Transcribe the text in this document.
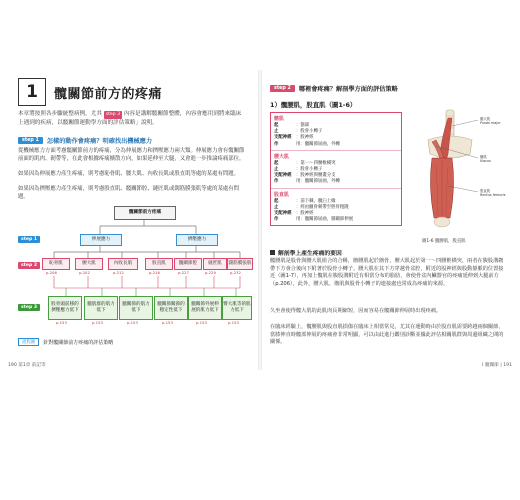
1	髖關節前方的疼痛
本章將按照各步驟統整病例，尤其 step 3 內容是講解髖關節整體，內容會應用到將來臨床上遇到的疾病，以髖關節運動學方面的評估策略」說明。
step 1	怎樣的動作會疼痛？明確找出機械應力
從機械應力方面考慮髖關節前方的疼痛，分為伸展應力和擠壓應力兩大類。伸展應力會有髖關節前面的肌肉、韌帶等，在此會根據疼痛擴散方向，如果延伸至大腿，又會進一步推論疼痛部位。
如果因為伸展應力產生疼痛，則考慮恥骨肌、腰大肌、內收長肌或股直肌等處的某處有問題。
如果因為擠壓應力產生疼痛，則考慮股直肌、髖關節腔、縫匠肌或闊筋膜張肌等處的某處有問題。
髖關節前方疼痛
step 1	伸展應力	擠壓應力
step 2	恥骨肌	腰大肌	內收長肌	股直肌	髖關節腔	縫匠肌	闊筋膜張肌
p.206	p.202	p.212	p.216	p.227	p.229	p.232
step 3
股骨頭前移的擠壓應力低下
髖肌群的肌力低下
髖關節的肌力低下
髖關節關節的穩定性低下
髖關節外展伸展的肌力低下
臀大肌等的肌力低下
p.153	p.153	p.153	p.153	p.153	p.153
流程圖	針對髖關節前方疼痛的評估策略
190 第1章 前記等
step 2	哪裡會疼痛？解剖學方面的評估策略
1）髖腰肌，股直肌（圖1-6）
髂肌
起	：髂窩
止	：股骨小轉子
支配神經	：股神經
作	用：髖關節屈曲，外轉
腰大肌
起	：第一～四腰椎橫突
止	：股骨小轉子
支配神經	：股神經與腰叢分支
作	用：髖關節屈曲，外轉
股直肌
起	：前下棘，髖臼上緣
止	：經由髕骨韌帶至脛骨粗隆
支配神經	：股神經
作	用：髖關節屈曲，膝關節伸展
腰大肌
Psoas major
髂肌
Iliacus
股直肌
Rectus femoris
圖1-6 髖腰肌，股直肌
解剖學上產生疼痛的要因
髖腰肌是股骨與腰大肌組合的合稱，髂腰肌起於髂骨，腰大肌起於第一～四腰椎橫突，兩者在腹股溝韌帶下方會合後向下附著於股骨小轉子。腰大肌在其下方穿越骨盆腔，附近的股神經與股動靜脈的位置接近（圖1-7），再加上髖肌在腹股溝附近有相當分布的脂肪，會使骨盆內臟器官的疼痛延伸到大腿前方（p.206），此外，腰大肌、髂肌與股骨小轉子的連接處也常成為疼痛的來源。
久坐會使得髖大肌的此肌肉長期縮短，因而容易在髖關節伸展時出現疼痛。
在臨床經驗上，髖腰肌與股直肌損傷在臨床上相當常見，尤其在運動時由於股直肌需要跨越兩個關節，當膝伸直時髖部伸展的疼痛會非常明顯，可以由此進行鑑別診斷並據此評估相關肌群與周邊組織之間的關係。
I 髖關節 | 191
